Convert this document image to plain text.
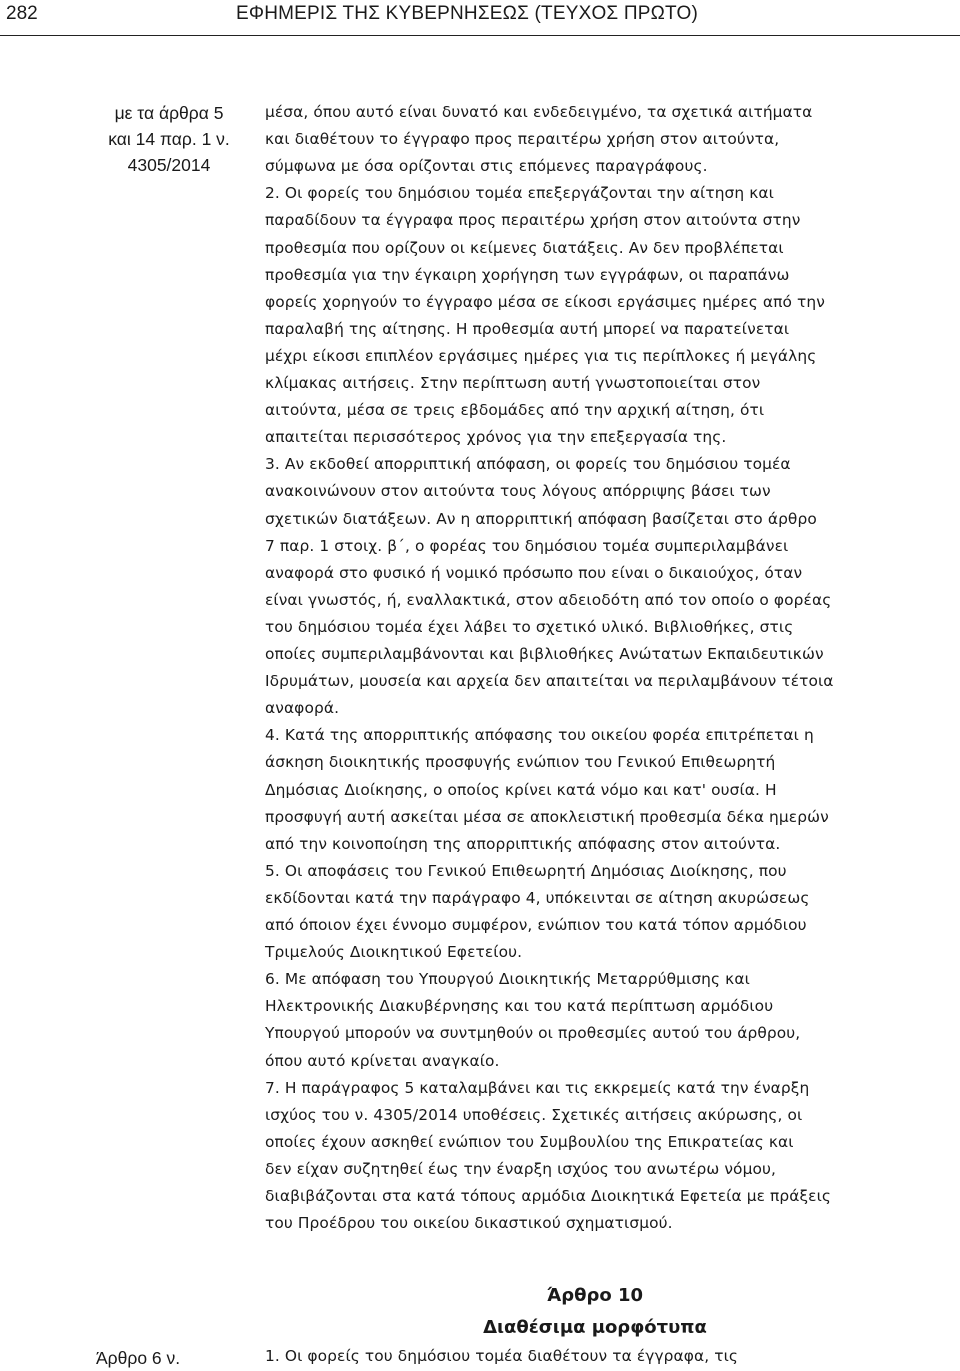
282	ΕΦΗΜΕΡΙΣ ΤΗΣ ΚΥΒΕΡΝΗΣΕΩΣ (ΤΕΥΧΟΣ ΠΡΩΤΟ)
με τα άρθρα 5
και 14 παρ. 1 ν.
4305/2014
μέσα, όπου αυτό είναι δυνατό και ενδεδειγμένο, τα σχετικά αιτήματα
και διαθέτουν το έγγραφο προς περαιτέρω χρήση στον αιτούντα,
σύμφωνα με όσα ορίζονται στις επόμενες παραγράφους.
2. Οι φορείς του δημόσιου τομέα επεξεργάζονται την αίτηση και
παραδίδουν τα έγγραφα προς περαιτέρω χρήση στον αιτούντα στην
προθεσμία που ορίζουν οι κείμενες διατάξεις. Αν δεν προβλέπεται
προθεσμία για την έγκαιρη χορήγηση των εγγράφων, οι παραπάνω
φορείς χορηγούν το έγγραφο μέσα σε είκοσι εργάσιμες ημέρες από την
παραλαβή της αίτησης. Η προθεσμία αυτή μπορεί να παρατείνεται
μέχρι είκοσι επιπλέον εργάσιμες ημέρες για τις περίπλοκες ή μεγάλης
κλίμακας αιτήσεις. Στην περίπτωση αυτή γνωστοποιείται στον
αιτούντα, μέσα σε τρεις εβδομάδες από την αρχική αίτηση, ότι
απαιτείται περισσότερος χρόνος για την επεξεργασία της.
3. Αν εκδοθεί απορριπτική απόφαση, οι φορείς του δημόσιου τομέα
ανακοινώνουν στον αιτούντα τους λόγους απόρριψης βάσει των
σχετικών διατάξεων. Αν η απορριπτική απόφαση βασίζεται στο άρθρο
7 παρ. 1 στοιχ. β΄, ο φορέας του δημόσιου τομέα συμπεριλαμβάνει
αναφορά στο φυσικό ή νομικό πρόσωπο που είναι ο δικαιούχος, όταν
είναι γνωστός, ή, εναλλακτικά, στον αδειοδότη από τον οποίο ο φορέας
του δημόσιου τομέα έχει λάβει το σχετικό υλικό. Βιβλιοθήκες, στις
οποίες συμπεριλαμβάνονται και βιβλιοθήκες Ανώτατων Εκπαιδευτικών
Ιδρυμάτων, μουσεία και αρχεία δεν απαιτείται να περιλαμβάνουν τέτοια
αναφορά.
4. Κατά της απορριπτικής απόφασης του οικείου φορέα επιτρέπεται η
άσκηση διοικητικής προσφυγής ενώπιον του Γενικού Επιθεωρητή
Δημόσιας Διοίκησης, ο οποίος κρίνει κατά νόμο και κατ' ουσία. Η
προσφυγή αυτή ασκείται μέσα σε αποκλειστική προθεσμία δέκα ημερών
από την κοινοποίηση της απορριπτικής απόφασης στον αιτούντα.
5. Οι αποφάσεις του Γενικού Επιθεωρητή Δημόσιας Διοίκησης, που
εκδίδονται κατά την παράγραφο 4, υπόκεινται σε αίτηση ακυρώσεως
από όποιον έχει έννομο συμφέρον, ενώπιον του κατά τόπον αρμόδιου
Τριμελούς Διοικητικού Εφετείου.
6. Με απόφαση του Υπουργού Διοικητικής Μεταρρύθμισης και
Ηλεκτρονικής Διακυβέρνησης και του κατά περίπτωση αρμόδιου
Υπουργού μπορούν να συντμηθούν οι προθεσμίες αυτού του άρθρου,
όπου αυτό κρίνεται αναγκαίο.
7. Η παράγραφος 5 καταλαμβάνει και τις εκκρεμείς κατά την έναρξη
ισχύος του ν. 4305/2014 υποθέσεις. Σχετικές αιτήσεις ακύρωσης, οι
οποίες έχουν ασκηθεί ενώπιον του Συμβουλίου της Επικρατείας και
δεν είχαν συζητηθεί έως την έναρξη ισχύος του ανωτέρω νόμου,
διαβιβάζονται στα κατά τόπους αρμόδια Διοικητικά Εφετεία με πράξεις
του Προέδρου του οικείου δικαστικού σχηματισμού.
Άρθρο 10
Διαθέσιμα μορφότυπα
Άρθρο 6 ν.	1. Οι φορείς του δημόσιου τομέα διαθέτουν τα έγγραφα, τις
